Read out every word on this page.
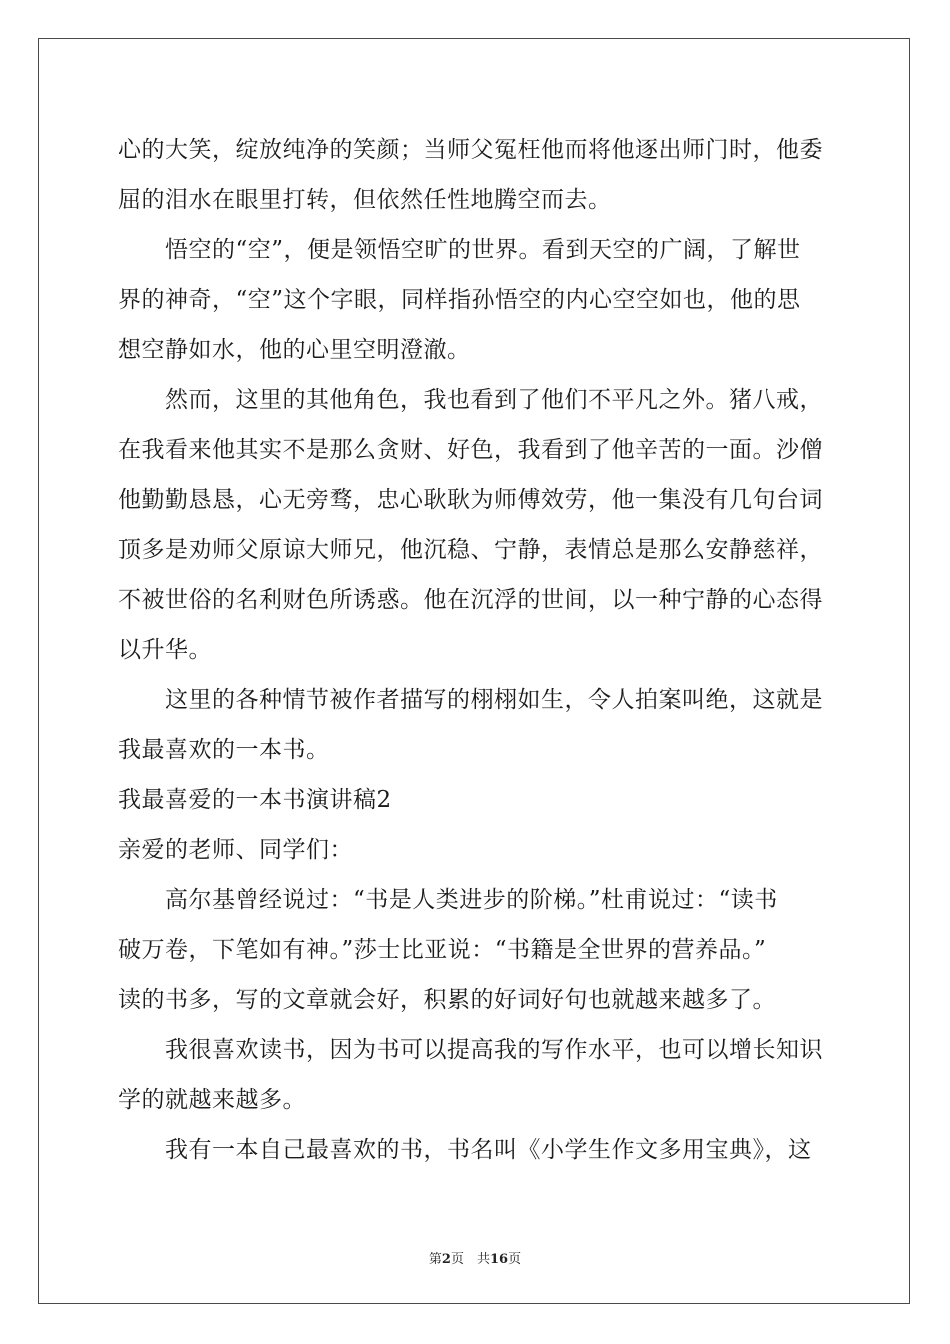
心的大笑，绽放纯净的笑颜；当师父冤枉他而将他逐出师门时，他委
屈的泪水在眼里打转，但依然任性地腾空而去。
悟空的“空”，便是领悟空旷的世界。看到天空的广阔，了解世
界的神奇，“空”这个字眼，同样指孙悟空的内心空空如也，他的思
想空静如水，他的心里空明澄澈。
然而，这里的其他角色，我也看到了他们不平凡之外。猪八戒，
在我看来他其实不是那么贪财、好色，我看到了他辛苦的一面。沙僧
他勤勤恳恳，心无旁骛，忠心耿耿为师傅效劳，他一集没有几句台词
顶多是劝师父原谅大师兄，他沉稳、宁静，表情总是那么安静慈祥，
不被世俗的名利财色所诱惑。他在沉浮的世间，以一种宁静的心态得
以升华。
这里的各种情节被作者描写的栩栩如生，令人拍案叫绝，这就是
我最喜欢的一本书。
我最喜爱的一本书演讲稿2
亲爱的老师、同学们：
高尔基曾经说过：“书是人类进步的阶梯。”杜甫说过：“读书
破万卷，下笔如有神。”莎士比亚说：“书籍是全世界的营养品。”
读的书多，写的文章就会好，积累的好词好句也就越来越多了。
我很喜欢读书，因为书可以提高我的写作水平，也可以增长知识
学的就越来越多。
我有一本自己最喜欢的书，书名叫《小学生作文多用宝典》，这
第2页　共16页
